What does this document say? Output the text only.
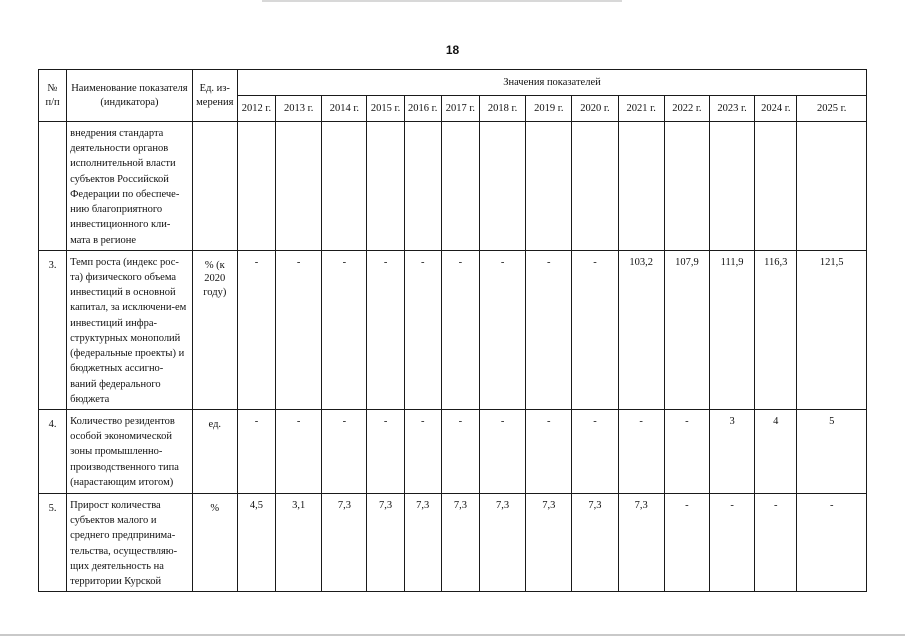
18
№ п/п	Наименование показателя (индикатора)	Ед. из-мерения	Значения показателей													
			2012 г.	2013 г.	2014 г.	2015 г.	2016 г.	2017 г.	2018 г.	2019 г.	2020 г.	2021 г.	2022 г.	2023 г.	2024 г.	2025 г.
	внедрения стандарта деятельности органов исполнительной власти субъектов Российской Федерации по обеспече-нию благоприятного инвестиционного кли-мата в регионе															
3.	Темп роста (индекс рос-та) физического объема инвестиций в основной капитал, за исключени-ем инвестиций инфра-структурных монополий (федеральные проекты) и бюджетных ассигно-ваний федерального бюджета	% (к 2020 году)	-	-	-	-	-	-	-	-	-	103,2	107,9	111,9	116,3	121,5
4.	Количество резидентов особой экономической зоны промышленно-производственного типа (нарастающим итогом)	ед.	-	-	-	-	-	-	-	-	-	-	-	3	4	5
5.	Прирост количества субъектов малого и среднего предпринима-тельства, осуществляю-щих деятельность на территории Курской	%	4,5	3,1	7,3	7,3	7,3	7,3	7,3	7,3	7,3	7,3	-	-	-	-
